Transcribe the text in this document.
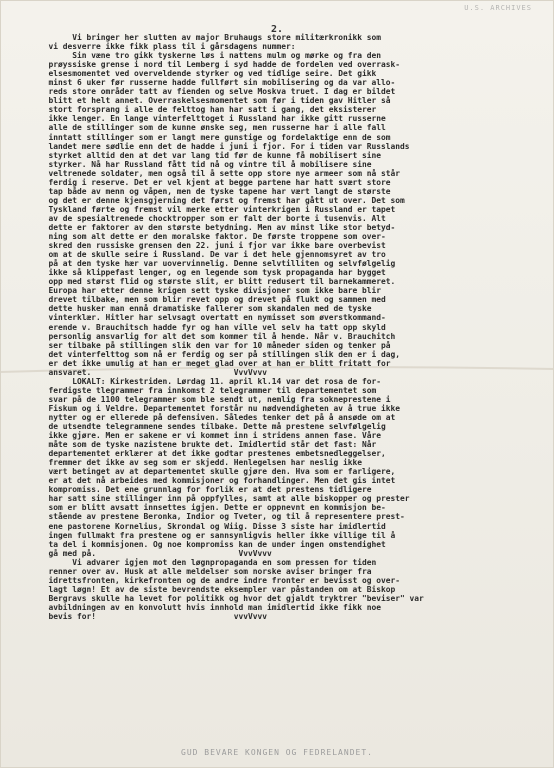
U.S. ARCHIVES
2.
Vi bringer her slutten av major Bruhaugs store militærkronikk som
vi desverre ikke fikk plass til i gårsdagens nummer:
Sin væne tro gikk tyskerne løs i nattens mulm og mørke og fra den
prøyssiske grense i nord til Lemberg i syd hadde de fordelen ved overrask-
elsesmomentet ved overveldende styrker og ved tidlige seire. Det gikk
minst 6 uker før russerne hadde fullført sin mobilisering og da var allo-
reds store områder tatt av fienden og selve Moskva truet. I dag er bildet
blitt et helt annet. Overraskelsesmomentet som før i tiden gav Hitler så
stort forsprang i alle de felttog han har satt i gang, det eksisterer
ikke lenger. En lange vinterfelttoget i Russland har ikke gitt russerne
alle de stillinger som de kunne ønske seg, men russerne har i alle fall
inntatt stillinger som er langt mere gunstige og fordelaktige enn de som
landet mere sødlie enn det de hadde i juni i fjor. For i tiden var Russlands
styrket alltid den at det var lang tid før de kunne få mobilisert sine
styrker. Nå har Russland fått tid nå og vintre til å mobilisere sine
veltrenede soldater, men også til å sette opp store nye armeer som nå står
ferdig i reserve. Det er vel kjent at begge partene har hatt svært store
tap både av menn og våpen, men de tyske tapene har vært langt de største
og det er denne kjensgjerning det først og fremst har gått ut over. Det som
Tyskland førte og fremst vil merke etter vinterkrigen i Russland er tapet
av de spesialtrenede chocktropper som er falt der borte i tusenvis. Alt
dette er faktorer av den største betydning. Men av minst like stor betyd-
ning som alt dette er den moralske faktor. De første troppene som over-
skred den russiske grensen den 22. juni i fjor var ikke bare overbevist
om at de skulle seire i Russland. De var i det hele gjennomsyret av tro
på at den tyske hær var uovervinnelig. Denne selvtilliten og selvfølgelig
ikke så klippefast lenger, og en legende som tysk propaganda har bygget
opp med størst flid og største slit, er blitt redusert til barnekammeret.
Europa har etter denne krigen sett tyske divisjoner som ikke bare blir
drevet tilbake, men som blir revet opp og drevet på flukt og sammen med
dette husker man ennå dramatiske fallerer som skandalen med de tyske
vinterklær. Hitler har selvsagt overtatt en nymisset som øverstkommand-
erende v. Brauchitsch hadde fyr og han ville vel selv ha tatt opp skyld
personlig ansvarlig for alt det som kommer til å hende. Når v. Brauchitch
ser tilbake på stillingen slik den var for 10 måneder siden og tenker på
det vinterfelttog som nå er ferdig og ser på stillingen slik den er i dag,
er det ikke umulig at han er meget glad over at han er blitt fritatt for
ansvaret.                              VvvVvvv
LOKALT: Kirkestriden. Lørdag 11. april kl.14 var det rosa de for-
ferdigste tlegrammer fra innkomst 2 telegrammer til departementet som
svar på de 1100 telegrammer som ble sendt ut, nemlig fra sokneprestene i
Fiskum og i Veldre. Departementet forstår nu nødvendigheten av å true ikke
nytter og er ellerede på defensiven. Således tenker det på å ansøde om at
de utsendte telegrammene sendes tilbake. Dette må prestene selvfølgelig
ikke gjøre. Men er sakene er vi kommet inn i stridens annen fase. Våre
måte som de tyske nazistene brukte det. Imidlertid står det fast: Når
departementet erklærer at det ikke godtar prestenes embetsnedleggelser,
fremmer det ikke av seg som er skjedd. Henlegelsen har neslig ikke
vært betinget av at departementet skulle gjøre den. Hva som er farligere,
er at det nå arbeides med kommisjoner og forhandlinger. Men det gis intet
kompromiss. Det ene grunnlag for forlik er at det prestens tidligere
har satt sine stillinger inn på oppfylles, samt at alle biskopper og prester
som er blitt avsatt innsettes igjen. Dette er oppnevnt en kommisjon be-
stående av prestene Beronka, Indior og Tveter, og til å representere prest-
ene pastorene Kornelius, Skrondal og Wiig. Disse 3 siste har imidlertid
ingen fullmakt fra prestene og er sannsynligvis heller ikke villige til å
ta del i kommisjonen. Og noe kompromiss kan de under ingen omstendighet
gå med på.                              VvvVvvv
Vi advarer igjen mot den løgnpropaganda en som pressen for tiden
renner over av. Husk at alle meldelser som norske aviser bringer fra
idrettsfronten, kirkefronten og de andre indre fronter er bevisst og over-
lagt løgn! Et av de siste bevrendste eksempler var påstanden om at Biskop
Bergravs skulle ha levet for politikk og hvor det gjaldt tryktrer "beviser" var
avbildningen av en konvolutt hvis innhold man imidlertid ikke fikk noe
bevis for!                             vvvVvvv
GUD BEVARE KONGEN OG FEDRELANDET.
